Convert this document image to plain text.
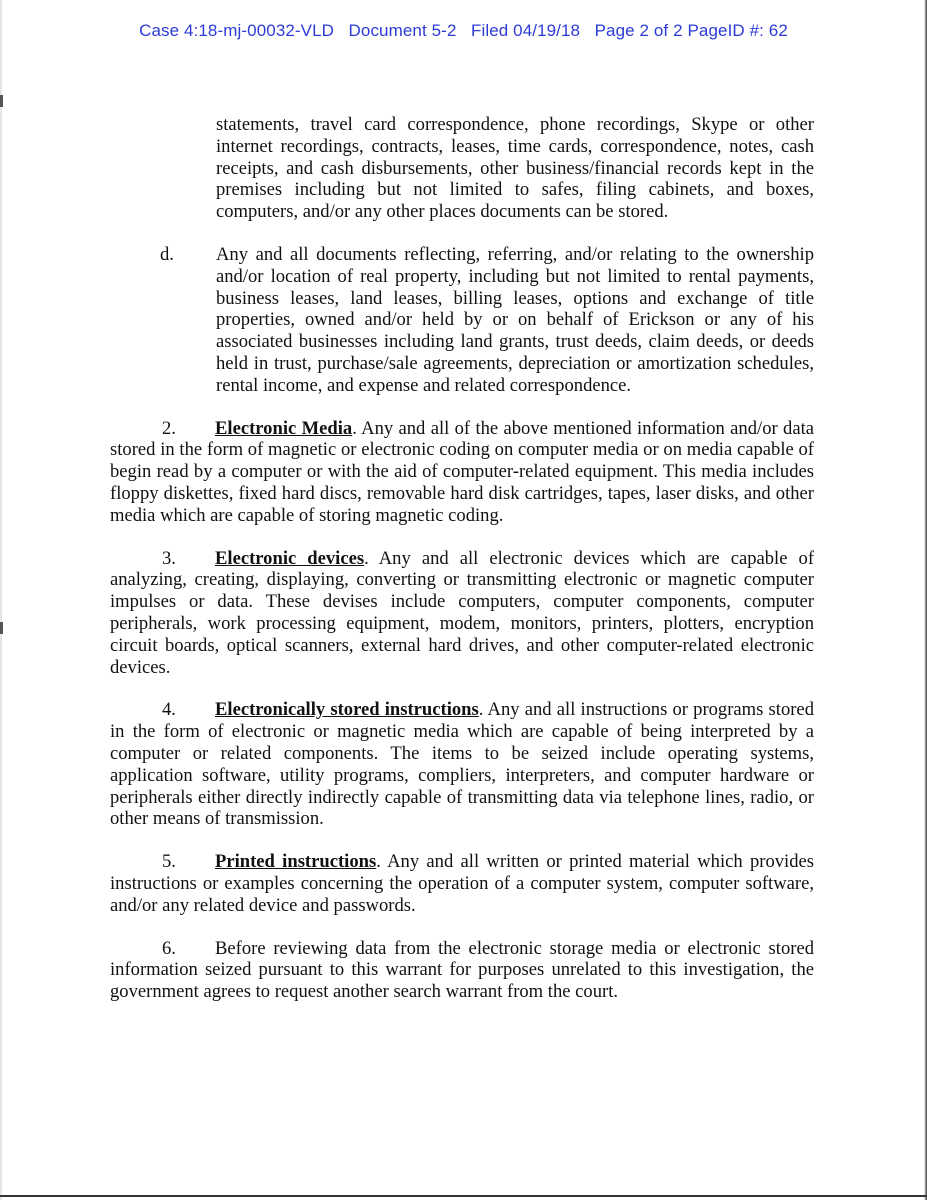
Case 4:18-mj-00032-VLD   Document 5-2   Filed 04/19/18   Page 2 of 2 PageID #: 62
statements, travel card correspondence, phone recordings, Skype or other internet recordings, contracts, leases, time cards, correspondence, notes, cash receipts, and cash disbursements, other business/financial records kept in the premises including but not limited to safes, filing cabinets, and boxes, computers, and/or any other places documents can be stored.
d. Any and all documents reflecting, referring, and/or relating to the ownership and/or location of real property, including but not limited to rental payments, business leases, land leases, billing leases, options and exchange of title properties, owned and/or held by or on behalf of Erickson or any of his associated businesses including land grants, trust deeds, claim deeds, or deeds held in trust, purchase/sale agreements, depreciation or amortization schedules, rental income, and expense and related correspondence.
2. Electronic Media. Any and all of the above mentioned information and/or data stored in the form of magnetic or electronic coding on computer media or on media capable of begin read by a computer or with the aid of computer-related equipment. This media includes floppy diskettes, fixed hard discs, removable hard disk cartridges, tapes, laser disks, and other media which are capable of storing magnetic coding.
3. Electronic devices. Any and all electronic devices which are capable of analyzing, creating, displaying, converting or transmitting electronic or magnetic computer impulses or data. These devises include computers, computer components, computer peripherals, work processing equipment, modem, monitors, printers, plotters, encryption circuit boards, optical scanners, external hard drives, and other computer-related electronic devices.
4. Electronically stored instructions. Any and all instructions or programs stored in the form of electronic or magnetic media which are capable of being interpreted by a computer or related components. The items to be seized include operating systems, application software, utility programs, compliers, interpreters, and computer hardware or peripherals either directly indirectly capable of transmitting data via telephone lines, radio, or other means of transmission.
5. Printed instructions. Any and all written or printed material which provides instructions or examples concerning the operation of a computer system, computer software, and/or any related device and passwords.
6. Before reviewing data from the electronic storage media or electronic stored information seized pursuant to this warrant for purposes unrelated to this investigation, the government agrees to request another search warrant from the court.
